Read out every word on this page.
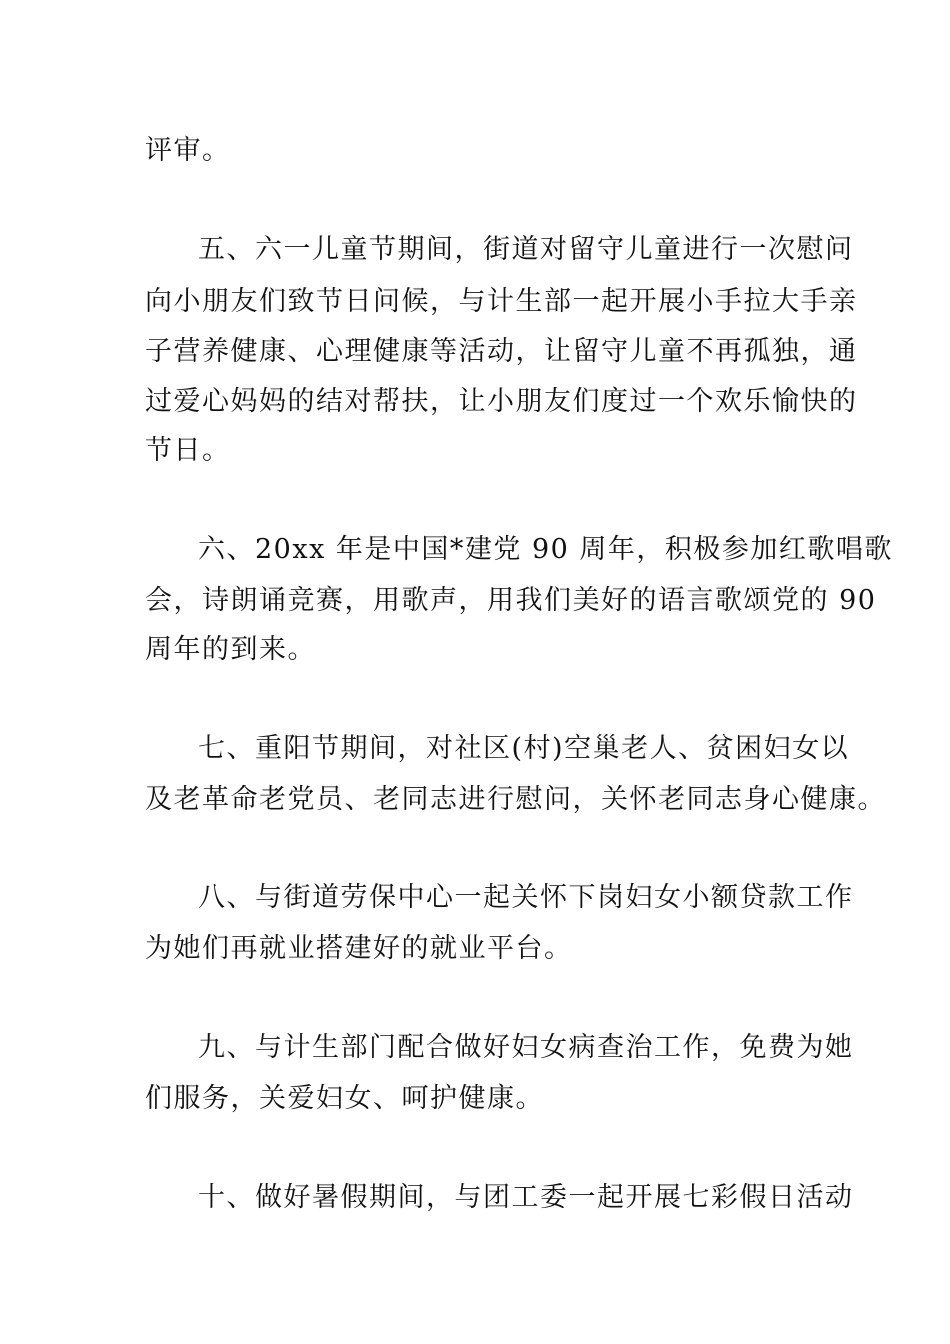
评审。
五、六一儿童节期间，街道对留守儿童进行一次慰问
向小朋友们致节日问候，与计生部一起开展小手拉大手亲
子营养健康、心理健康等活动，让留守儿童不再孤独，通
过爱心妈妈的结对帮扶，让小朋友们度过一个欢乐愉快的
节日。
六、20xx 年是中国*建党 90 周年，积极参加红歌唱歌
会，诗朗诵竞赛，用歌声，用我们美好的语言歌颂党的 90
周年的到来。
七、重阳节期间，对社区(村)空巢老人、贫困妇女以
及老革命老党员、老同志进行慰问，关怀老同志身心健康。
八、与街道劳保中心一起关怀下岗妇女小额贷款工作
为她们再就业搭建好的就业平台。
九、与计生部门配合做好妇女病查治工作，免费为她
们服务，关爱妇女、呵护健康。
十、做好暑假期间，与团工委一起开展七彩假日活动
